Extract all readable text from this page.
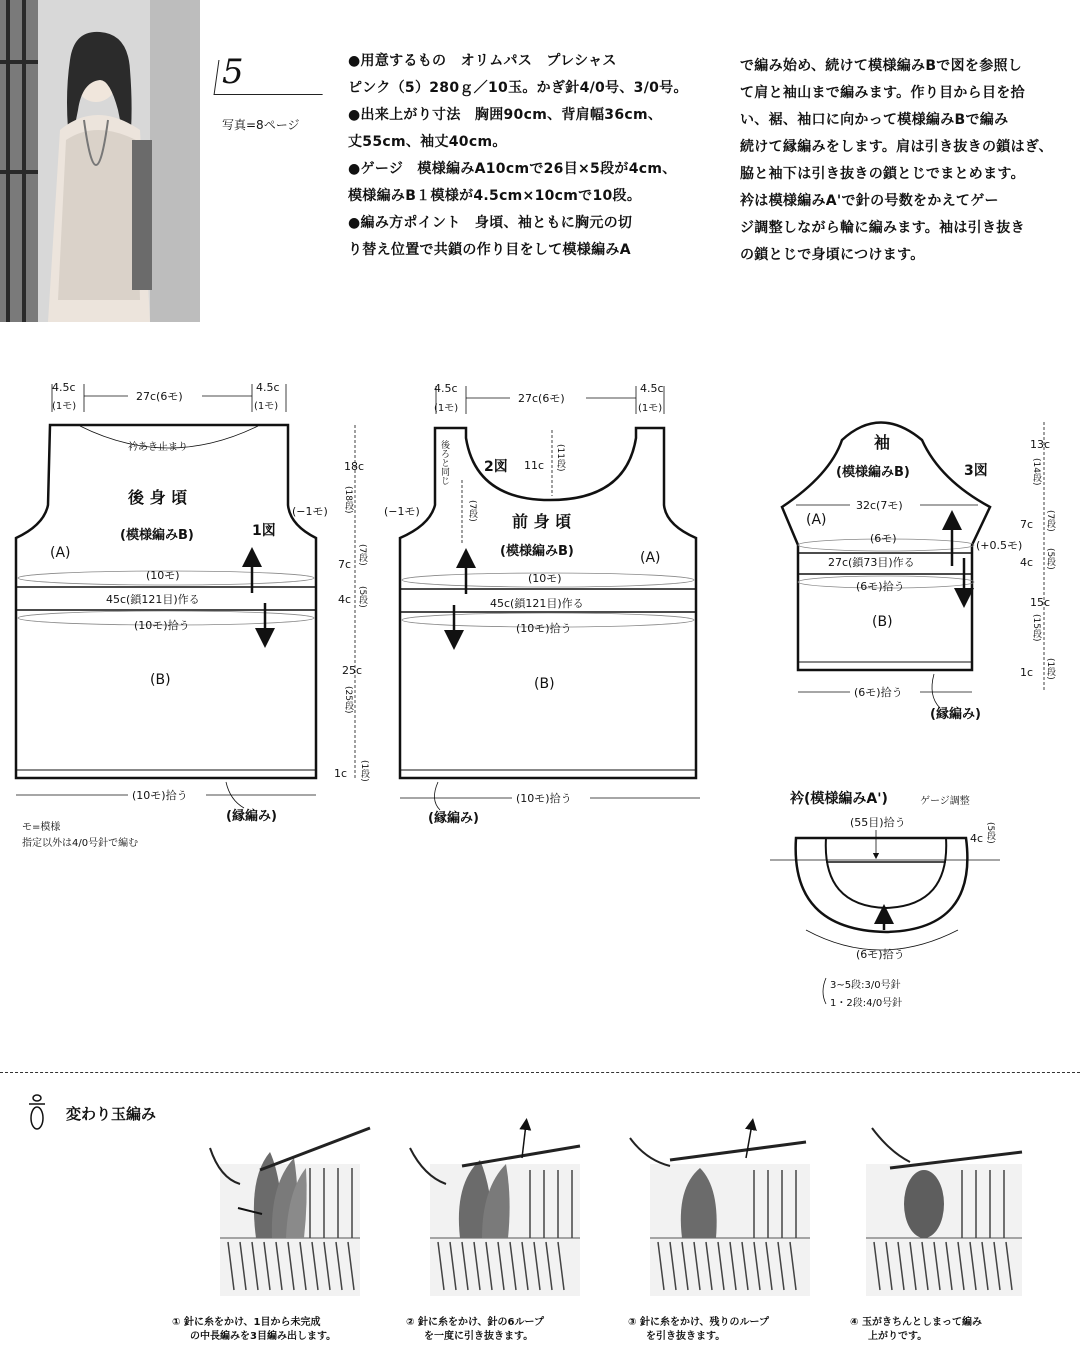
5
写真=8ページ
●用意するもの　オリムパス　プレシャス
ピンク（5）280ｇ／10玉。かぎ針4/0号、3/0号。
●出来上がり寸法　胸囲90cm、背肩幅36cm、
丈55cm、袖丈40cm。
●ゲージ　模様編みA10cmで26目×5段が4cm、
模様編みB１模様が4.5cm×10cmで10段。
●編み方ポイント　身頃、袖ともに胸元の切
り替え位置で共鎖の作り目をして模様編みA
で編み始め、続けて模様編みBで図を参照し
て肩と袖山まで編みます。作り目から目を拾
い、裾、袖口に向かって模様編みBで編み
続けて縁編みをします。肩は引き抜きの鎖はぎ、
脇と袖下は引き抜きの鎖とじでまとめます。
衿は模様編みA'で針の号数をかえてゲー
ジ調整しながら輪に編みます。袖は引き抜き
の鎖とじで身頃につけます。
4.5c
(1モ)
27c(6モ)
4.5c
(1モ)
衿あき止まり
後 身 頃
(模様編みB)	1図
(−1モ)
(A)
(10モ)
45c(鎖121目)作る
(10モ)拾う
(B)
(10モ)拾う
(縁編み)
18c
(18段)
7c (7段)
4c (5段)
25c
(25段)
1c (1段)
4.5c
(1モ)
27c(6モ)
4.5c
(1モ)
2図 11c (11段)
後ろと同じ
(7段)
(−1モ)
前 身 頃
(模様編みB)	(A)
(10モ)
45c(鎖121目)作る
(10モ)拾う
(B)
(10モ)拾う
(縁編み)
袖
(模様編みB)	3図
32c(7モ)
(A)
(6モ)
27c(鎖73目)作る
(6モ)拾う
(+0.5モ)
(B)
(6モ)拾う
(縁編み)
13c
(14段)
7c (7段)
4c (5段)
15c
(15段)
1c (1段)
衿(模様編みA')	ゲージ調整
(55目)拾う
4c (5段)
(6モ)拾う
3~5段:3/0号針
1・2段:4/0号針
モ=模様
指定以外は4/0号針で編む
変わり玉編み
① 針に糸をかけ、1目から未完成
の中長編みを3目編み出します。
② 針に糸をかけ、針の6ループ
を一度に引き抜きます。
③ 針に糸をかけ、残りのループ
を引き抜きます。
④ 玉がきちんとしまって編み
上がりです。
